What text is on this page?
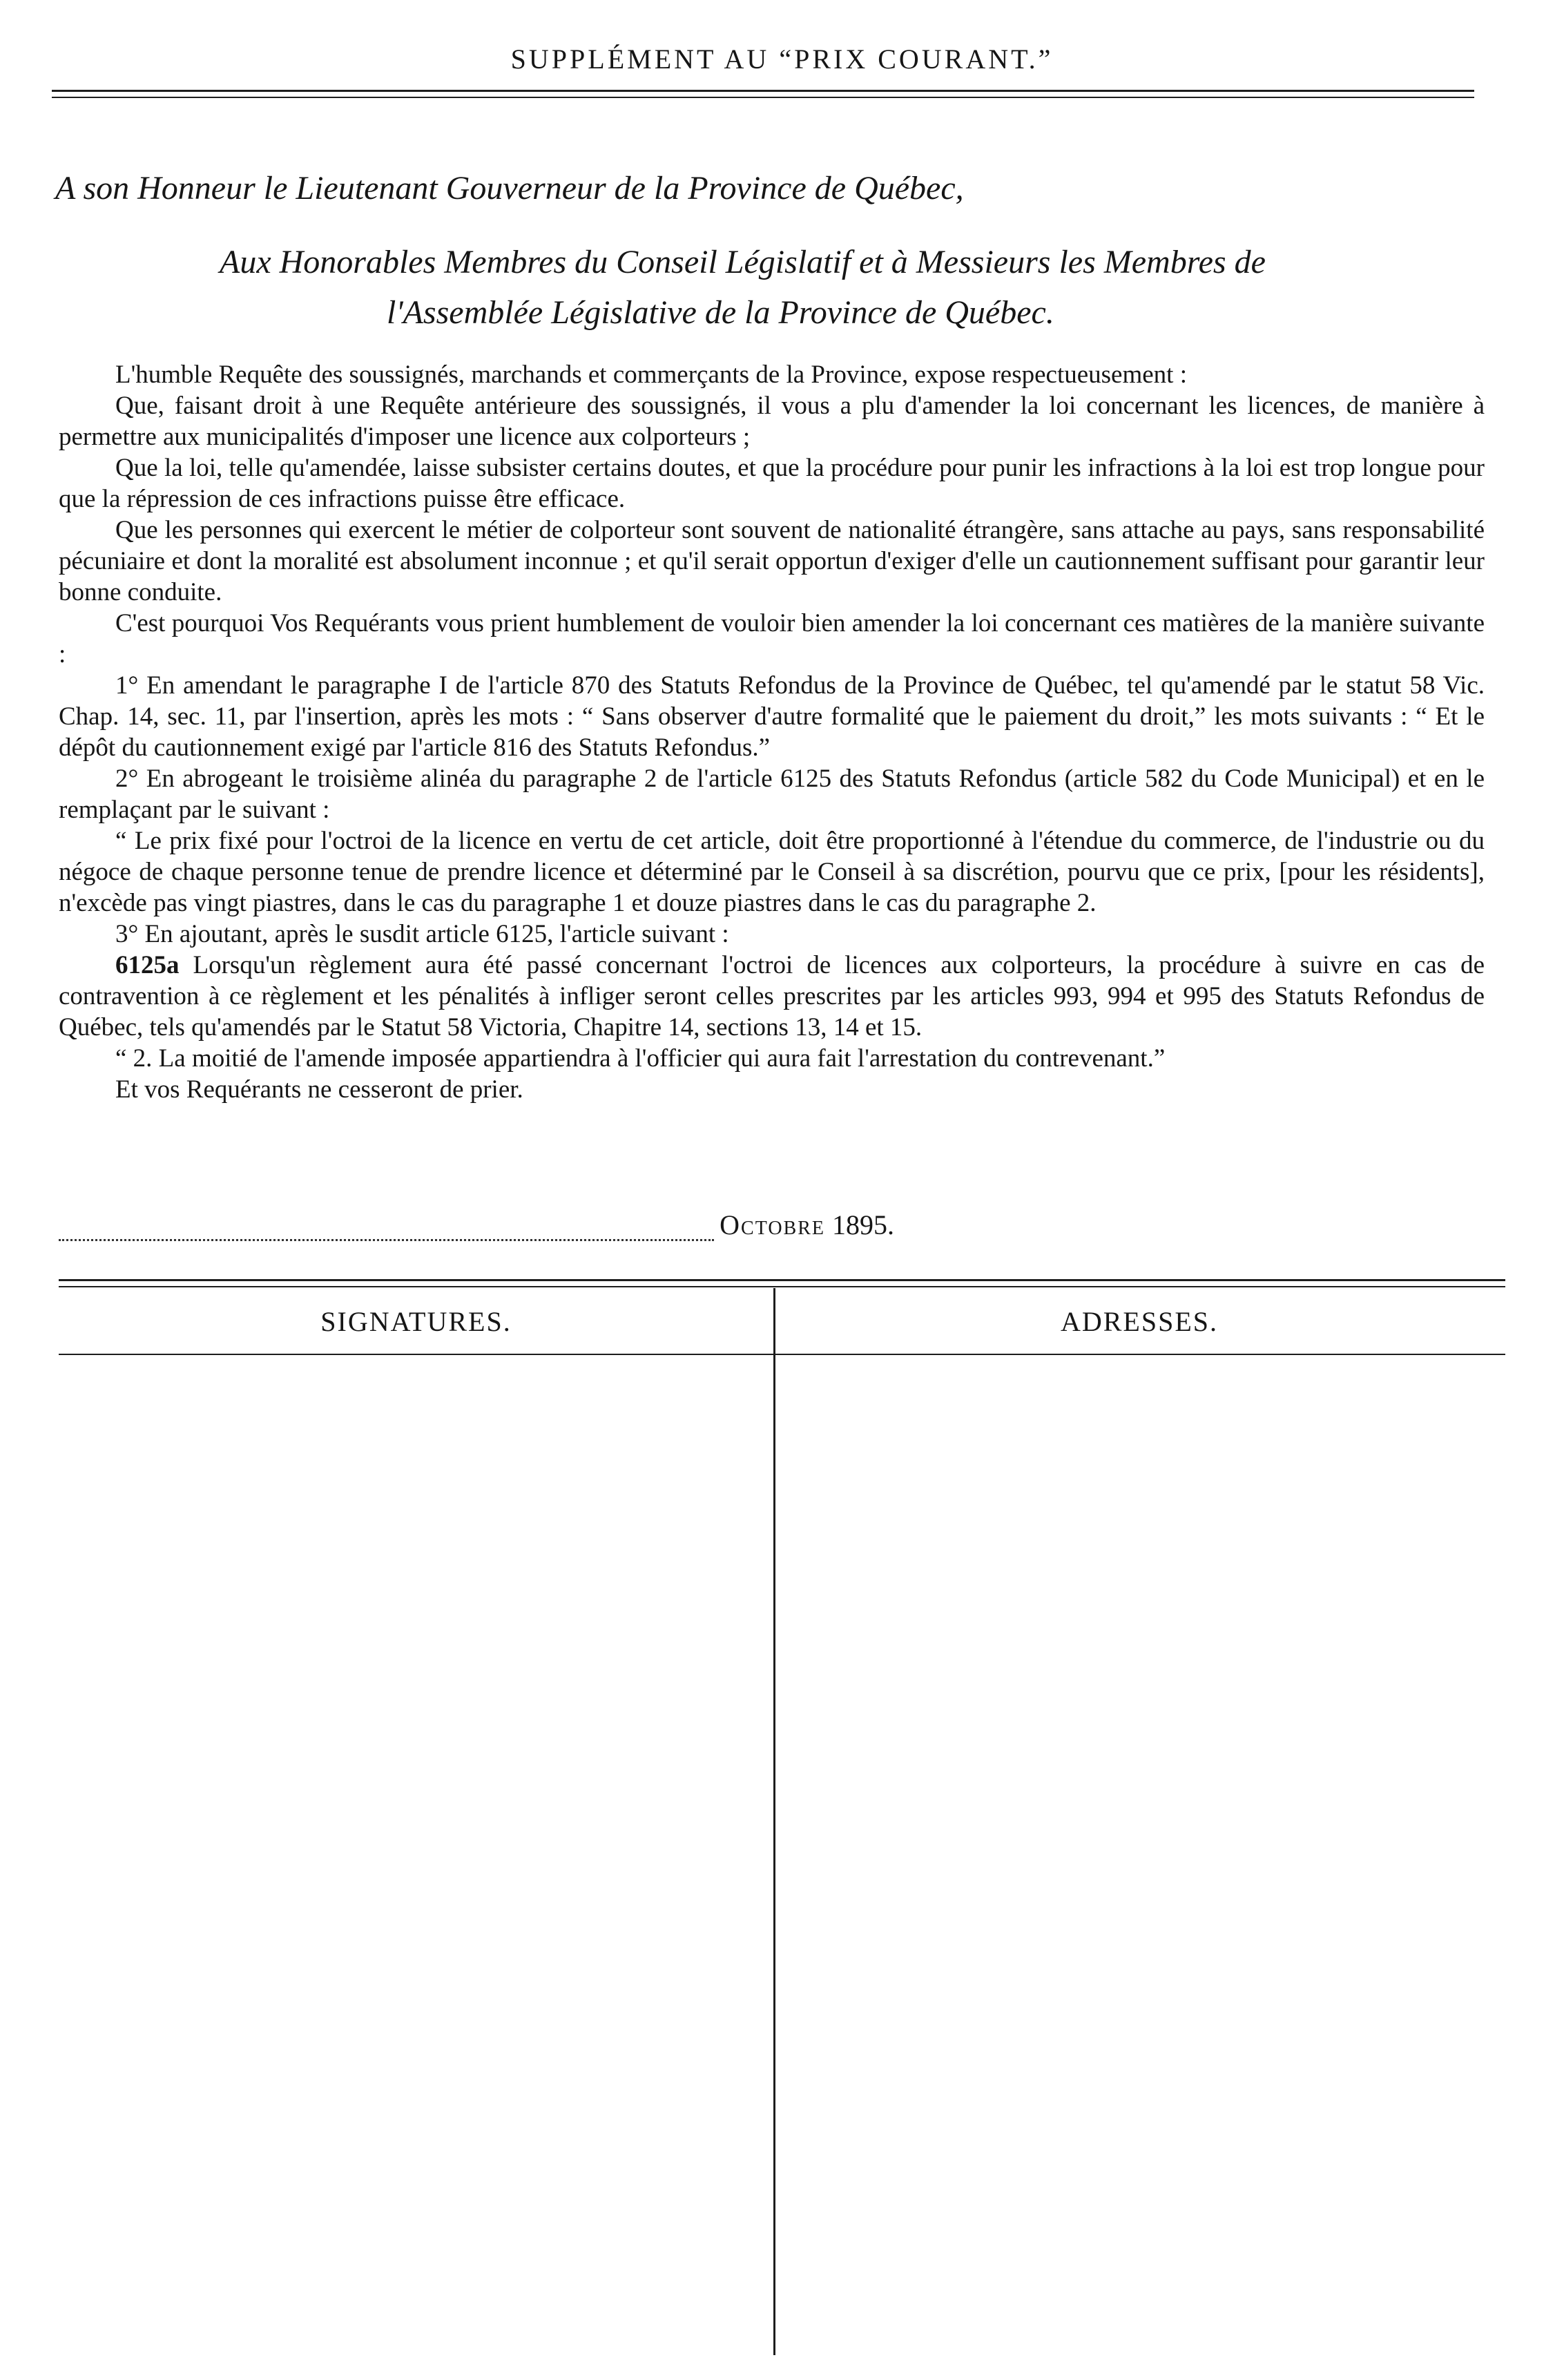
SUPPLÉMENT AU “PRIX COURANT.”
A son Honneur le Lieutenant Gouverneur de la Province de Québec,
Aux Honorables Membres du Conseil Législatif et à Messieurs les Membres de
l'Assemblée Législative de la Province de Québec.

L'humble Requête des soussignés, marchands et commerçants de la Province, expose respectueusement :

Que, faisant droit à une Requête antérieure des soussignés, il vous a plu d'amender la loi concernant les licences, de manière à permettre aux municipalités d'imposer une licence aux colporteurs ;

Que la loi, telle qu'amendée, laisse subsister certains doutes, et que la procédure pour punir les infractions à la loi est trop longue pour que la répression de ces infractions puisse être efficace.

Que les personnes qui exercent le métier de colporteur sont souvent de nationalité étrangère, sans attache au pays, sans responsabilité pécuniaire et dont la moralité est absolument inconnue ; et qu'il serait opportun d'exiger d'elle un cautionnement suffisant pour garantir leur bonne conduite.

C'est pourquoi Vos Requérants vous prient humblement de vouloir bien amender la loi concernant ces matières de la manière suivante :

1° En amendant le paragraphe I de l'article 870 des Statuts Refondus de la Province de Québec, tel qu'amendé par le statut 58 Vic. Chap. 14, sec. 11, par l'insertion, après les mots : “ Sans observer d'autre formalité que le paiement du droit,” les mots suivants : “ Et le dépôt du cautionnement exigé par l'article 816 des Statuts Refondus.”

2° En abrogeant le troisième alinéa du paragraphe 2 de l'article 6125 des Statuts Refondus (article 582 du Code Municipal) et en le remplaçant par le suivant :

“ Le prix fixé pour l'octroi de la licence en vertu de cet article, doit être proportionné à l'étendue du commerce, de l'industrie ou du négoce de chaque personne tenue de prendre licence et déterminé par le Conseil à sa discrétion, pourvu que ce prix, [pour les résidents], n'excède pas vingt piastres, dans le cas du paragraphe 1 et douze piastres dans le cas du paragraphe 2.

3° En ajoutant, après le susdit article 6125, l'article suivant :

6125a Lorsqu'un règlement aura été passé concernant l'octroi de licences aux colporteurs, la procédure à suivre en cas de contravention à ce règlement et les pénalités à infliger seront celles prescrites par les articles 993, 994 et 995 des Statuts Refondus de Québec, tels qu'amendés par le Statut 58 Victoria, Chapitre 14, sections 13, 14 et 15.

“ 2. La moitié de l'amende imposée appartiendra à l'officier qui aura fait l'arrestation du contrevenant.”

Et vos Requérants ne cesseront de prier.

Octobre 1895.
SIGNATURES.	ADRESSES.
